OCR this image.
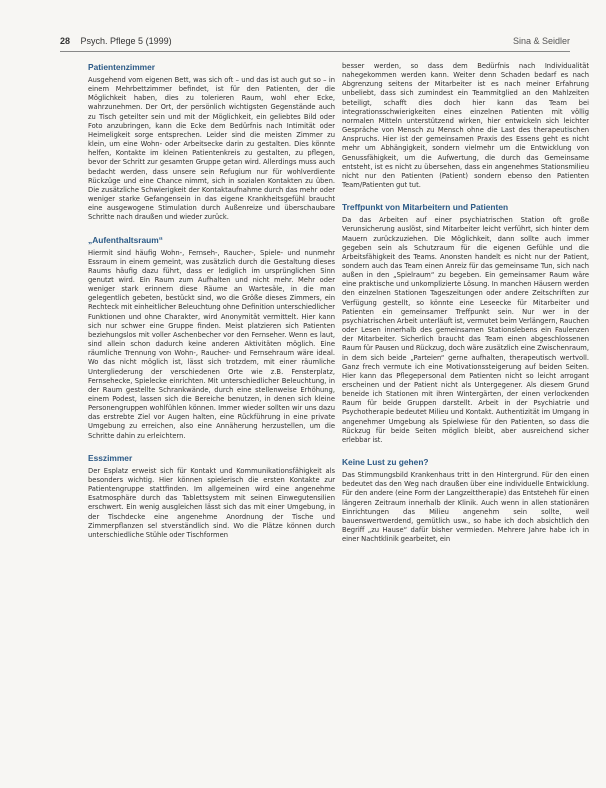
28 Psych. Pflege 5 (1999)	Sina & Seidler
Patientenzimmer

Ausgehend vom eigenen Bett, was sich oft – und das ist auch gut so – in einem Mehrbettzimmer befindet, ist für den Patienten, der die Möglichkeit haben, dies zu tolerieren Raum, wohl eher Ecke, wahrzunehmen. Der Ort, der persönlich wichtigsten Gegenstände auch zu Tisch geteilter sein und mit der Möglichkeit, ein geliebtes Bild oder Foto anzubringen, kann die Ecke dem Bedürfnis nach Intimität oder Heimeligkeit sorge entsprechen. Leider sind die meisten Zimmer zu klein, um eine Wohn- oder Arbeitsecke darin zu gestalten. Dies könnte helfen, Kontakte im kleinen Patientenkreis zu gestalten, zu pflegen, bevor der Schritt zur gesamten Gruppe getan wird. Allerdings muss auch bedacht werden, dass unsere sein Refugium nur für wohlverdiente Rückzüge und eine Chance nimmt, sich in sozialen Kontakten zu üben. Die zusätzliche Schwierigkeit der Kontaktaufnahme durch das mehr oder weniger starke Gefangensein in das eigene Krankheitsgefühl braucht eine ausgewogene Stimulation durch Außenreize und überschaubare Schritte nach draußen und wieder zurück.

„Aufenthaltsraum“

Hiermit sind häufig Wohn-, Fernseh-, Raucher-, Spiele- und nunmehr Essraum in einem gemeint, was zusätzlich durch die Gestaltung dieses Raums häufig dazu führt, dass er lediglich im ursprünglichen Sinn genutzt wird. Ein Raum zum Aufhalten und nicht mehr. Mehr oder weniger stark erinnern diese Räume an Wartesäle, in die man gelegentlich gebeten, bestückt sind, wo die Größe dieses Zimmers, ein Rechteck mit einheitlicher Beleuchtung ohne Definition unterschiedlicher Funktionen und ohne Charakter, wird Anonymität vermittelt. Hier kann sich nur schwer eine Gruppe finden. Meist platzieren sich Patienten beziehungslos mit voller Aschenbecher vor den Fernseher. Wenn es laut, sind allein schon dadurch keine anderen Aktivitäten möglich. Eine räumliche Trennung von Wohn-, Raucher- und Fernsehraum wäre ideal. Wo das nicht möglich ist, lässt sich trotzdem, mit einer räumliche Untergliederung der verschiedenen Orte wie z.B. Fensterplatz, Fernsehecke, Spielecke einrichten. Mit unterschiedlicher Beleuchtung, in der Raum gestellte Schrankwände, durch eine stellenweise Erhöhung, einem Podest, lassen sich die Bereiche benutzen, in denen sich kleine Personengruppen wohlfühlen können. Immer wieder sollten wir uns dazu das erstrebte Ziel vor Augen halten, eine Rückführung in eine private Umgebung zu erreichen, also eine Annäherung herzustellen, um die Schritte dahin zu erleichtern.

Esszimmer

Der Esplatz erweist sich für Kontakt und Kommunikationsfähigkeit als besonders wichtig. Hier können spielerisch die ersten Kontakte zur Patientengruppe stattfinden. Im allgemeinen wird eine angenehme Esatmosphäre durch das Tablettsystem mit seinen Einwegutensilien erschwert. Ein wenig ausgleichen lässt sich das mit einer Umgebung, in der Tischdecke eine angenehme Anordnung der Tische und Zimmerpflanzen sel stverständlich sind. Wo die Plätze können durch unterschiedliche Stühle oder Tischformen

besser werden, so dass dem Bedürfnis nach Individualität nahegekommen werden kann. Weiter denn Schaden bedarf es nach Abgrenzung seitens der Mitarbeiter ist es nach meiner Erfahrung unbeliebt, dass sich zumindest ein Teammitglied an den Mahlzeiten beteiligt, schafft dies doch hier kann das Team bei integrationsschwierigkeiten eines einzelnen Patienten mit völlig normalen Mitteln unterstützend wirken, hier entwickeln sich leichter Gespräche von Mensch zu Mensch ohne die Last des therapeutischen Anspruchs. Hier ist der gemeinsamen Praxis des Essens geht es nicht mehr um Abhängigkeit, sondern vielmehr um die Entwicklung von Genussfähigkeit, um die Aufwertung, die durch das Gemeinsame entsteht, ist es nicht zu übersehen, dass ein angenehmes Stationsmilieu nicht nur den Patienten (Patient) sondern ebenso den Patienten Team/Patienten gut tut.

Treffpunkt von Mitarbeitern und Patienten

Da das Arbeiten auf einer psychiatrischen Station oft große Verunsicherung auslöst, sind Mitarbeiter leicht verführt, sich hinter dem Mauern zurückzuziehen. Die Möglichkeit, dann sollte auch immer gegeben sein als Schutzraum für die eigenen Gefühle und die Arbeitsfähigkeit des Teams. Anonsten handelt es nicht nur der Patient, sondern auch das Team einen Anreiz für das gemeinsame Tun, sich nach außen in den „Spielraum“ zu begeben. Ein gemeinsamer Raum wäre eine praktische und unkomplizierte Lösung. In manchen Häusern werden den einzelnen Stationen Tageszeitungen oder andere Zeitschriften zur Verfügung gestellt, so könnte eine Leseecke für Mitarbeiter und Patienten ein gemeinsamer Treffpunkt sein. Nur wer in der psychiatrischen Arbeit unterläuft ist, vermutet beim Verlängern, Rauchen oder Lesen innerhalb des gemeinsamen Stationslebens ein Faulenzen der Mitarbeiter. Sicherlich braucht das Team einen abgeschlossenen Raum für Pausen und Rückzug, doch wäre zusätzlich eine Zwischenraum, in dem sich beide „Parteien“ gerne aufhalten, therapeutisch wertvoll. Ganz frech vermute ich eine Motivationssteigerung auf beiden Seiten. Hier kann das Pflegepersonal dem Patienten nicht so leicht arrogant erscheinen und der Patient nicht als Untergegener. Als diesem Grund beneide ich Stationen mit ihren Wintergärten, der einen verlockenden Raum für beide Gruppen darstellt. Arbeit in der Psychiatrie und Psychotherapie bedeutet Milieu und Kontakt. Authentizität im Umgang in angenehmer Umgebung als Spielwiese für den Patienten, so dass die Rückzug für beide Seiten möglich bleibt, aber ausreichend sicher erlebbar ist.

Keine Lust zu gehen?

Das Stimmungsbild Krankenhaus tritt in den Hintergrund. Für den einen bedeutet das den Weg nach draußen über eine individuelle Entwicklung. Für den andere (eine Form der Langzeittherapie) das Entsteheh für einen längeren Zeitraum innerhalb der Klinik. Auch wenn in allen stationären Einrichtungen das Milieu angenehm sein sollte, weil bauenswertwerdend, gemütlich usw., so habe ich doch absichtlich den Begriff „zu Hause“ dafür bisher vermieden. Mehrere Jahre habe ich in einer Nachtklinik gearbeitet, ein
